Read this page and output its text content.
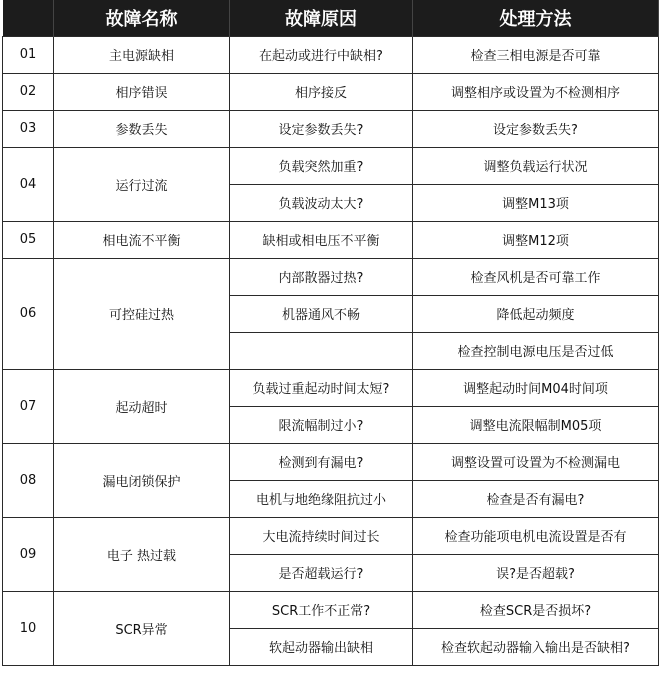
	故障名称	故障原因	处理方法
01	主电源缺相	在起动或进行中缺相?	检查三相电源是否可靠
02	相序错误	相序接反	调整相序或设置为不检测相序
03	参数丢失	设定参数丢失?	设定参数丢失?
04	运行过流	负载突然加重?	调整负载运行状况
		负载波动太大?	调整M13项
05	相电流不平衡	缺相或相电压不平衡	调整M12项
06	可控硅过热	内部散器过热?	检查风机是否可靠工作
		机器通风不畅	降低起动频度
			检查控制电源电压是否过低
07	起动超时	负载过重起动时间太短?	调整起动时间M04时间项
		限流幅制过小?	调整电流限幅制M05项
08	漏电闭锁保护	检测到有漏电?	调整设置可设置为不检测漏电
		电机与地绝缘阻抗过小	检查是否有漏电?
09	电子 热过载	大电流持续时间过长	检查功能项电机电流设置是否有
		是否超载运行?	误?是否超载?
10	SCR异常	SCR工作不正常?	检查SCR是否损坏?
		软起动器输出缺相	检查软起动器输入输出是否缺相?
